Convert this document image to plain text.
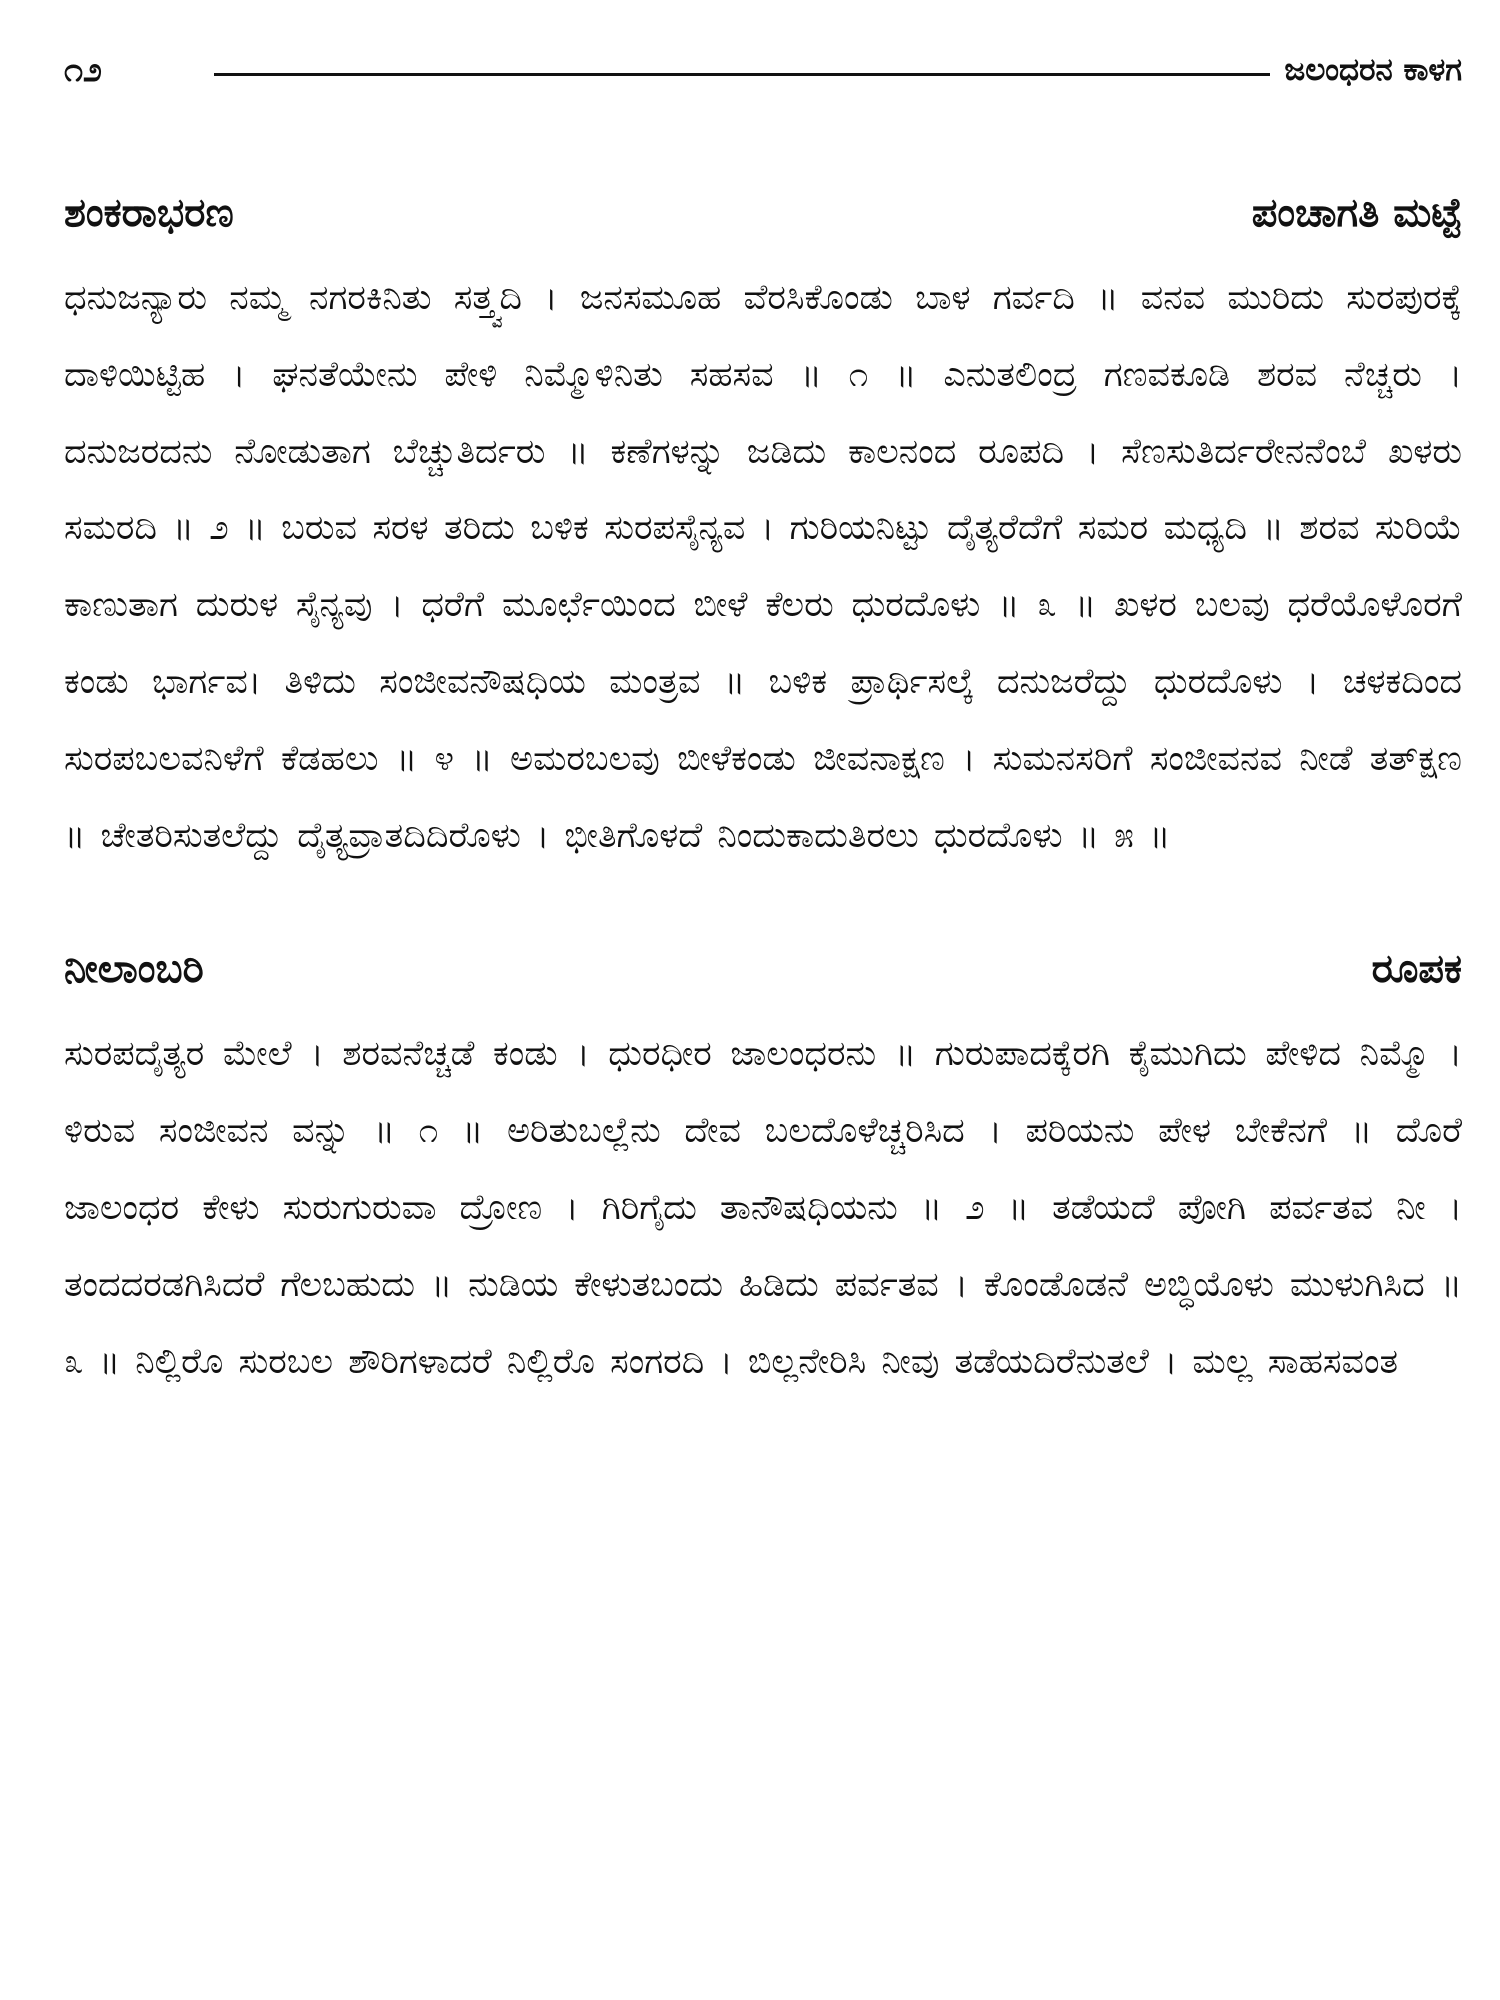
೧೨	ಜಲಂಧರನ ಕಾಳಗ
ಶಂಕರಾಭರಣ	ಪಂಚಾಗತಿ ಮಟ್ಟೆ

ಧನುಜನ್ಯಾರು ನಮ್ಮ ನಗರಕಿನಿತು ಸತ್ತ್ವದಿ । ಜನಸಮೂಹ ವೆರಸಿಕೊಂಡು ಬಾಳ ಗರ್ವದಿ ॥ ವನವ ಮುರಿದು ಸುರಪುರಕ್ಕೆ ದಾಳಿಯಿಟ್ಟಿಹ । ಘನತೆಯೇನು ಪೇಳಿ ನಿಮ್ಮೊಳಿನಿತು ಸಹಸವ ॥ ೧ ॥ ಎನುತಲಿಂದ್ರ ಗಣವಕೂಡಿ ಶರವ ನೆಚ್ಚರು । ದನುಜರದನು ನೋಡುತಾಗ ಬೆಚ್ಚುತಿರ್ದರು ॥ ಕಣೆಗಳನ್ನು ಜಡಿದು ಕಾಲನಂದ ರೂಪದಿ । ಸೆಣಸುತಿರ್ದರೇನನೆಂಬೆ ಖಳರು ಸಮರದಿ ॥ ೨ ॥ ಬರುವ ಸರಳ ತರಿದು ಬಳಿಕ ಸುರಪಸೈನ್ಯವ । ಗುರಿಯನಿಟ್ಟು ದೈತ್ಯರೆದೆಗೆ ಸಮರ ಮಧ್ಯದಿ ॥ ಶರವ ಸುರಿಯೆ ಕಾಣುತಾಗ ದುರುಳ ಸೈನ್ಯವು । ಧರೆಗೆ ಮೂರ್ಛೆಯಿಂದ ಬೀಳೆ ಕೆಲರು ಧುರದೊಳು ॥ ೩ ॥ ಖಳರ ಬಲವು ಧರೆಯೊಳೊರಗೆ ಕಂಡು ಭಾರ್ಗವ। ತಿಳಿದು ಸಂಜೀವನೌಷಧಿಯ ಮಂತ್ರವ ॥ ಬಳಿಕ ಪ್ರಾರ್ಥಿಸಲ್ಕೆ ದನುಜರೆದ್ದು ಧುರದೊಳು । ಚಳಕದಿಂದ ಸುರಪಬಲವನಿಳೆಗೆ ಕೆಡಹಲು ॥ ೪ ॥ ಅಮರಬಲವು ಬೀಳೆಕಂಡು ಜೀವನಾಕ್ಷಣ । ಸುಮನಸರಿಗೆ ಸಂಜೀವನವ ನೀಡೆ ತತ್‌ಕ್ಷಣ ॥ ಚೇತರಿಸುತಲೆದ್ದು ದೈತ್ಯವ್ರಾತದಿದಿರೊಳು । ಭೀತಿಗೊಳದೆ ನಿಂದುಕಾದುತಿರಲು ಧುರದೊಳು ॥ ೫ ॥

ನೀಲಾಂಬರಿ	ರೂಪಕ

ಸುರಪದೈತ್ಯರ ಮೇಲೆ । ಶರವನೆಚ್ಚಡೆ ಕಂಡು । ಧುರಧೀರ ಜಾಲಂಧರನು ॥ ಗುರುಪಾದಕ್ಕೆರಗಿ ಕೈಮುಗಿದು ಪೇಳಿದ ನಿಮ್ಮೊ । ಳಿರುವ ಸಂಜೀವನ ವನ್ನು ॥ ೧ ॥ ಅರಿತುಬಲ್ಲೆನು ದೇವ ಬಲದೊಳೆಚ್ಚರಿಸಿದ । ಪರಿಯನು ಪೇಳ ಬೇಕೆನಗೆ ॥ ದೊರೆ ಜಾಲಂಧರ ಕೇಳು ಸುರುಗುರುವಾ ದ್ರೋಣ । ಗಿರಿಗೈದು ತಾನೌಷಧಿಯನು ॥ ೨ ॥ ತಡೆಯದೆ ಪೋಗಿ ಪರ್ವತವ ನೀ । ತಂದದರಡಗಿಸಿದರೆ ಗೆಲಬಹುದು ॥ ನುಡಿಯ ಕೇಳುತಬಂದು ಹಿಡಿದು ಪರ್ವತವ । ಕೊಂಡೊಡನೆ ಅಬ್ಧಿಯೊಳು ಮುಳುಗಿಸಿದ ॥ ೩ ॥ ನಿಲ್ಲಿರೊ ಸುರಬಲ ಶೌರಿಗಳಾದರೆ ನಿಲ್ಲಿರೊ ಸಂಗರದಿ । ಬಿಲ್ಲನೇರಿಸಿ ನೀವು ತಡೆಯದಿರೆನುತಲೆ । ಮಲ್ಲ ಸಾಹಸವಂತ
